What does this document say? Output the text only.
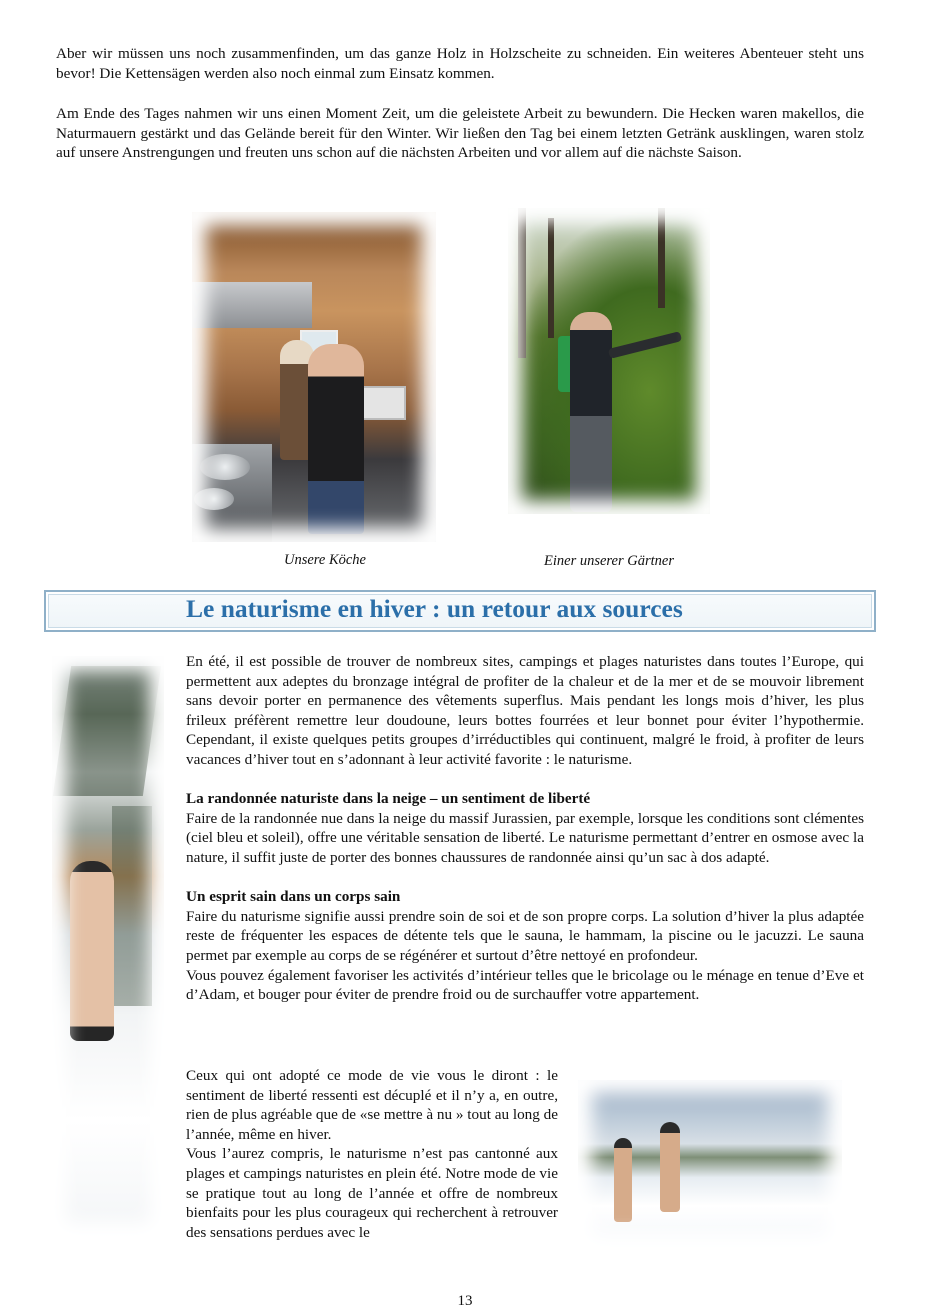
Aber wir müssen uns noch zusammenfinden, um das ganze Holz in Holzscheite zu schneiden. Ein weiteres Abenteuer steht uns bevor! Die Kettensägen werden also noch einmal zum Einsatz kommen.

Am Ende des Tages nahmen wir uns einen Moment Zeit, um die geleistete Arbeit zu bewundern. Die Hecken waren makellos, die Naturmauern gestärkt und das Gelände bereit für den Winter. Wir ließen den Tag bei einem letzten Getränk ausklingen, waren stolz auf unsere Anstrengungen und freuten uns schon auf die nächsten Arbeiten und vor allem auf die nächste Saison.

Unsere Köche	Einer unserer Gärtner

Le naturisme en hiver : un retour aux sources

En été, il est possible de trouver de nombreux sites, campings et plages naturistes dans toutes l’Europe, qui permettent aux adeptes du bronzage intégral de profiter de la chaleur et de la mer et de se mouvoir librement sans devoir porter en permanence des vêtements superflus. Mais pendant les longs mois d’hiver, les plus frileux préfèrent remettre leur doudoune, leurs bottes fourrées et leur bonnet pour éviter l’hypothermie. Cependant, il existe quelques petits groupes d’irréductibles qui continuent, malgré le froid, à profiter de leurs vacances d’hiver tout en s’adonnant à leur activité favorite : le naturisme.

La randonnée naturiste dans la neige – un sentiment de liberté

Faire de la randonnée nue dans la neige du massif Jurassien, par exemple, lorsque les conditions sont clémentes (ciel bleu et soleil), offre une véritable sensation de liberté. Le naturisme permettant d’entrer en osmose avec la nature, il suffit juste de porter des bonnes chaussures de randonnée ainsi qu’un sac à dos adapté.

Un esprit sain dans un corps sain

Faire du naturisme signifie aussi prendre soin de soi et de son propre corps. La solution d’hiver la plus adaptée reste de fréquenter les espaces de détente tels que le sauna, le hammam, la piscine ou le jacuzzi. Le sauna permet par exemple au corps de se régénérer et surtout d’être nettoyé en profondeur.

Vous pouvez également favoriser les activités d’intérieur telles que le bricolage ou le ménage en tenue d’Eve et d’Adam, et bouger pour éviter de prendre froid ou de surchauffer votre appartement.

Ceux qui ont adopté ce mode de vie vous le diront : le sentiment de liberté ressenti est décuplé et il n’y a, en outre, rien de plus agréable que de «se mettre à nu » tout au long de l’année, même en hiver.

Vous l’aurez compris, le naturisme n’est pas cantonné aux plages et campings naturistes en plein été. Notre mode de vie se pratique tout au long de l’année et offre de nombreux bienfaits pour les plus courageux qui recherchent à retrouver des sensations perdues avec le

13
